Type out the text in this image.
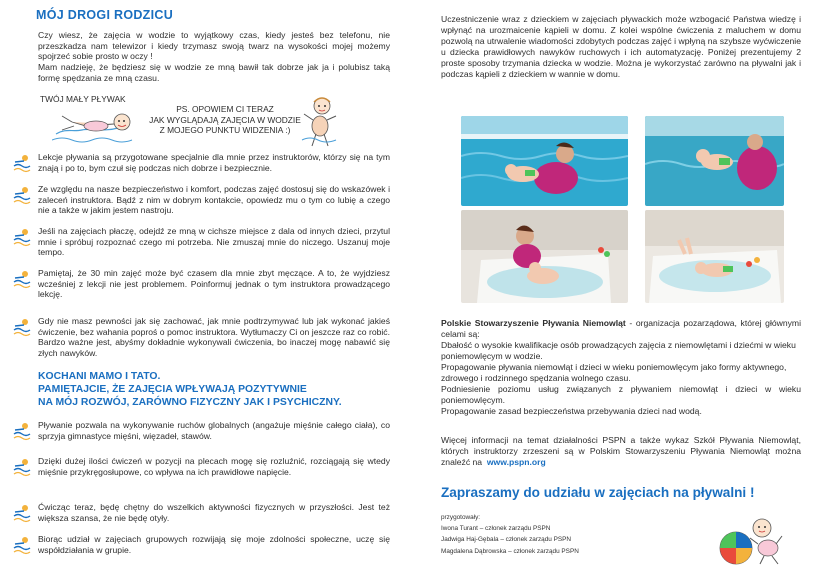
MÓJ DROGI RODZICU
Czy wiesz, że zajęcia w wodzie to wyjątkowy czas, kiedy jesteś bez telefonu, nie przeszkadza nam telewizor i kiedy trzymasz swoją twarz na wysokości mojej możemy spojrzeć sobie prosto w oczy !
Mam nadzieję, że będziesz się w wodzie ze mną bawił tak dobrze jak ja i polubisz taką formę spędzania ze mną czasu.
TWÓJ MAŁY PŁYWAK
PS. OPOWIEM CI TERAZ
JAK WYGLĄDAJĄ ZAJĘCIA W WODZIE
Z MOJEGO PUNKTU WIDZENIA :)
Lekcje pływania są przygotowane specjalnie dla mnie przez instruktorów, którzy się na tym znają i po to, bym czuł się podczas nich dobrze i bezpiecznie.
Ze względu na nasze bezpieczeństwo i komfort, podczas zajęć dostosuj się do wskazówek i zaleceń instruktora. Bądź z nim w dobrym kontakcie, opowiedz mu o tym co lubię a czego nie a także w jakim jestem nastroju.
Jeśli na zajęciach płaczę, odejdź ze mną w cichsze miejsce z dala od innych dzieci, przytul mnie i spróbuj rozpoznać czego mi potrzeba. Nie zmuszaj mnie do niczego. Uszanuj moje tempo.
Pamiętaj, że 30 min zajęć może być czasem dla mnie zbyt męczące. A to, że wyjdziesz wcześniej z lekcji nie jest problemem. Poinformuj jednak o tym instruktora prowadzącego lekcję.
Gdy nie masz pewności jak się zachować, jak mnie podtrzymywać lub jak wykonać jakieś ćwiczenie, bez wahania poproś o pomoc instruktora. Wytłumaczy Ci on jeszcze raz co robić. Bardzo ważne jest, abyśmy dokładnie wykonywali ćwiczenia, bo inaczej mogę nabawić się złych nawyków.
KOCHANI MAMO I TATO.
PAMIĘTAJCIE, ŻE ZAJĘCIA WPŁYWAJĄ POZYTYWNIE
NA MÓJ ROZWÓJ, ZARÓWNO FIZYCZNY JAK I PSYCHICZNY.
Pływanie pozwala na wykonywanie ruchów globalnych (angażuje mięśnie całego ciała), co sprzyja gimnastyce mięśni, więzadeł, stawów.
Dzięki dużej ilości ćwiczeń w pozycji na plecach mogę się rozluźnić, rozciągają się wtedy mięśnie przykręgosłupowe, co wpływa na ich prawidłowe napięcie.
Ćwicząc teraz, będę chętny do wszelkich aktywności fizycznych w przyszłości. Jest też większa szansa, że nie będę otyły.
Biorąc udział w zajęciach grupowych rozwijają się moje zdolności społeczne, uczę się współdziałania w grupie.
Uczestniczenie wraz z dzieckiem w zajęciach pływackich może wzbogacić Państwa wiedzę i wpłynąć na urozmaicenie kąpieli w domu. Z kolei wspólne ćwiczenia z maluchem w domu pozwolą na utrwalenie wiadomości zdobytych podczas zajęć i wpłyną na szybsze wyćwiczenie u dziecka prawidłowych nawyków ruchowych i ich automatyzację. Poniżej prezentujemy 2 proste sposoby trzymania dziecka w wodzie. Można je wykorzystać zarówno na pływalni jak i podczas kąpieli z dzieckiem w wannie w domu.
Polskie Stowarzyszenie Pływania Niemowląt - organizacja pozarządowa, której głównymi celami są:
Dbałość o wysokie kwalifikacje osób prowadzących zajęcia z niemowlętami i dziećmi w wieku poniemowlęcym w wodzie.
Propagowanie pływania niemowląt i dzieci w wieku poniemowlęcym jako formy aktywnego, zdrowego i rodzinnego spędzania wolnego czasu.
Podniesienie poziomu usług związanych z pływaniem niemowląt i dzieci w wieku poniemowlęcym.
Propagowanie zasad bezpieczeństwa przebywania dzieci nad wodą.
Więcej informacji na temat działalności PSPN a także wykaz Szkół Pływania Niemowląt, których instruktorzy zrzeszeni są w Polskim Stowarzyszeniu Pływania Niemowląt można znaleźć na www.pspn.org
Zapraszamy do udziału w zajęciach na pływalni !
przygotowały:
Iwona Turant – członek zarządu PSPN
Jadwiga Haj-Gębala – członek zarządu PSPN
Magdalena Dąbrowska – członek zarządu PSPN
